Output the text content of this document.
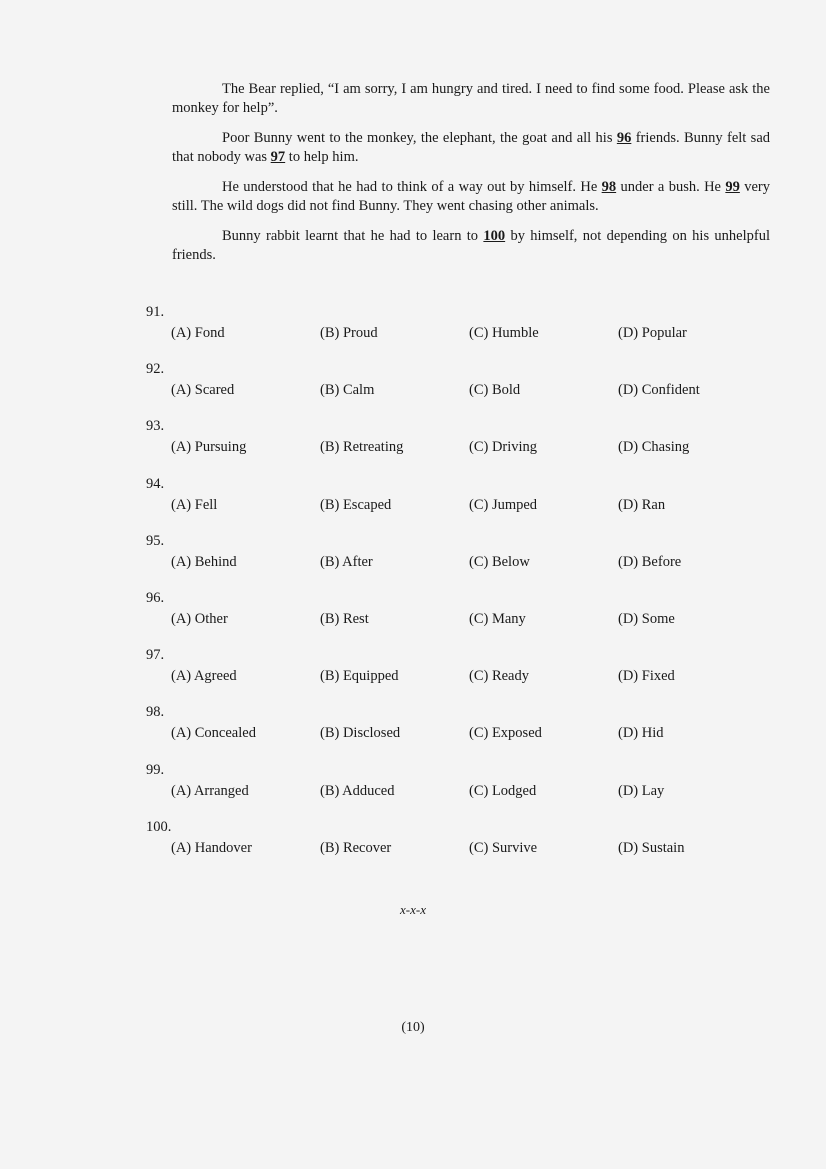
The Bear replied, “I am sorry, I am hungry and tired. I need to find some food. Please ask the monkey for help”.

Poor Bunny went to the monkey, the elephant, the goat and all his 96 friends. Bunny felt sad that nobody was 97 to help him.

He understood that he had to think of a way out by himself. He 98 under a bush. He 99 very still. The wild dogs did not find Bunny. They went chasing other animals.

Bunny rabbit learnt that he had to learn to 100 by himself, not depending on his unhelpful friends.

91.
(A) Fond	(B) Proud	(C) Humble	(D) Popular
92.
(A) Scared	(B) Calm	(C) Bold	(D) Confident
93.
(A) Pursuing	(B) Retreating	(C) Driving	(D) Chasing
94.
(A) Fell	(B) Escaped	(C) Jumped	(D) Ran
95.
(A) Behind	(B) After	(C) Below	(D) Before
96.
(A) Other	(B) Rest	(C) Many	(D) Some
97.
(A) Agreed	(B) Equipped	(C) Ready	(D) Fixed
98.
(A) Concealed	(B) Disclosed	(C) Exposed	(D) Hid
99.
(A) Arranged	(B) Adduced	(C) Lodged	(D) Lay
100.
(A) Handover	(B) Recover	(C) Survive	(D) Sustain
x-x-x
(10)
